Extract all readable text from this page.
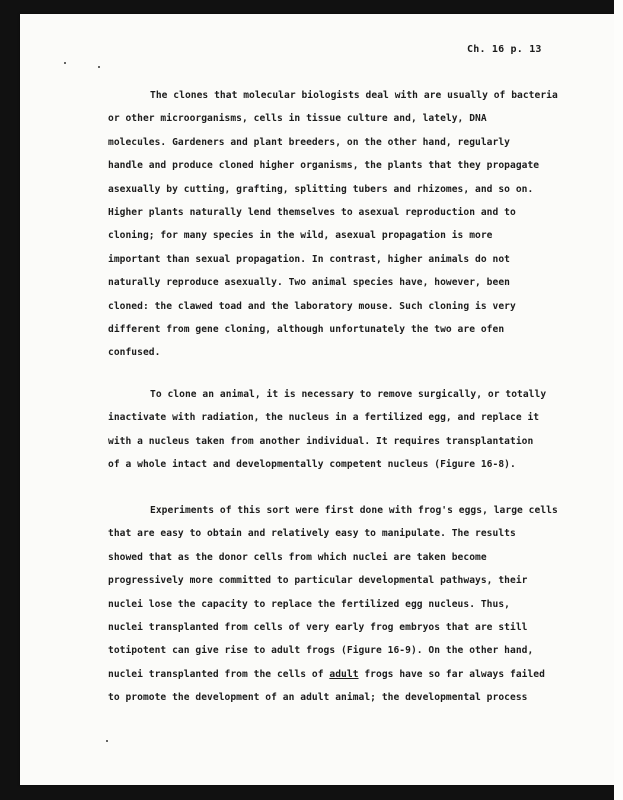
Ch. 16 p. 13
The clones that molecular biologists deal with are usually of bacteria
or other microorganisms, cells in tissue culture and, lately, DNA
molecules. Gardeners and plant breeders, on the other hand, regularly
handle and produce cloned higher organisms, the plants that they propagate
asexually by cutting, grafting, splitting tubers and rhizomes, and so on.
Higher plants naturally lend themselves to asexual reproduction and to
cloning; for many species in the wild, asexual propagation is more
important than sexual propagation. In contrast, higher animals do not
naturally reproduce asexually. Two animal species have, however, been
cloned: the clawed toad and the laboratory mouse. Such cloning is very
different from gene cloning, although unfortunately the two are ofen
confused.
To clone an animal, it is necessary to remove surgically, or totally
inactivate with radiation, the nucleus in a fertilized egg, and replace it
with a nucleus taken from another individual. It requires transplantation
of a whole intact and developmentally competent nucleus (Figure 16-8).
Experiments of this sort were first done with frog's eggs, large cells
that are easy to obtain and relatively easy to manipulate. The results
showed that as the donor cells from which nuclei are taken become
progressively more committed to particular developmental pathways, their
nuclei lose the capacity to replace the fertilized egg nucleus. Thus,
nuclei transplanted from cells of very early frog embryos that are still
totipotent can give rise to adult frogs (Figure 16-9). On the other hand,
nuclei transplanted from the cells of adult frogs have so far always failed
to promote the development of an adult animal; the developmental process
